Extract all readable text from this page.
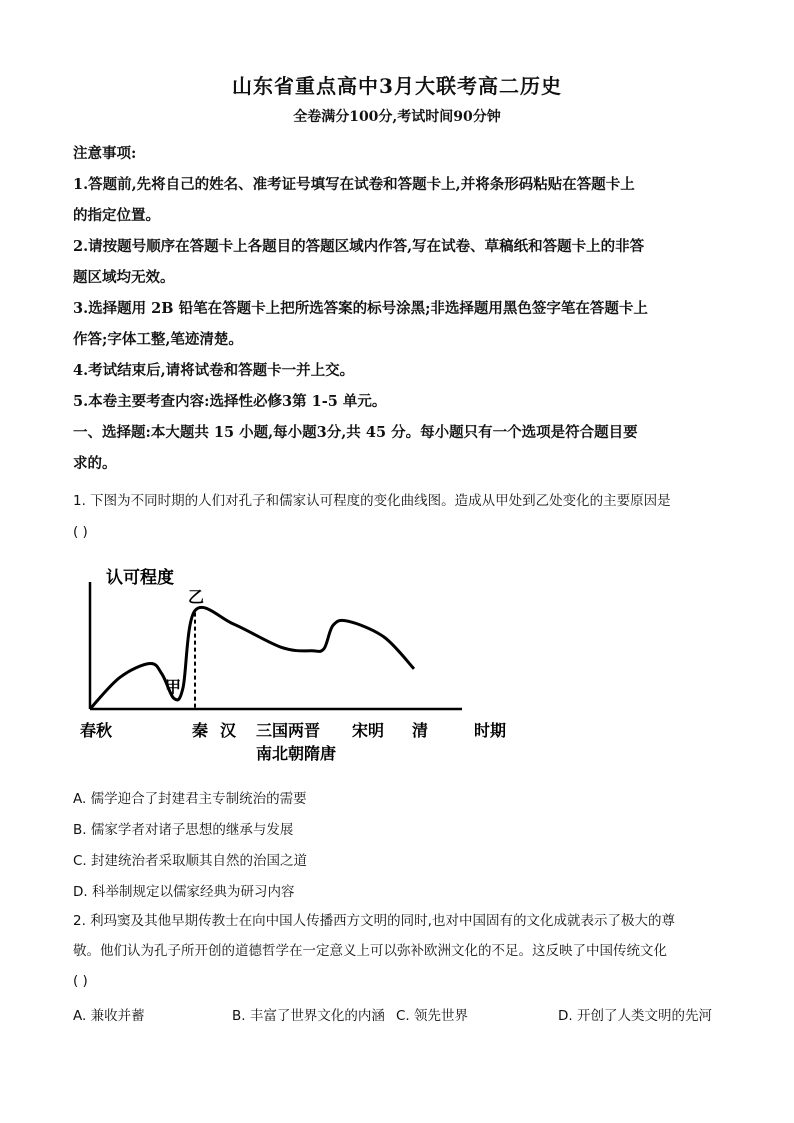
山东省重点高中3月大联考高二历史
全卷满分100分,考试时间90分钟
注意事项:
1.答题前,先将自己的姓名、准考证号填写在试卷和答题卡上,并将条形码粘贴在答题卡上
的指定位置。
2.请按题号顺序在答题卡上各题目的答题区域内作答,写在试卷、草稿纸和答题卡上的非答
题区域均无效。
3.选择题用 2B 铅笔在答题卡上把所选答案的标号涂黑;非选择题用黑色签字笔在答题卡上
作答;字体工整,笔迹清楚。
4.考试结束后,请将试卷和答题卡一并上交。
5.本卷主要考查内容:选择性必修3第 1-5 单元。
一、选择题:本大题共 15 小题,每小题3分,共 45 分。每小题只有一个选项是符合题目要
求的。
1. 下图为不同时期的人们对孔子和儒家认可程度的变化曲线图。造成从甲处到乙处变化的主要原因是
( )
认可程度
甲
乙
春秋	秦 汉 三国两晋
南北朝隋唐
宋明 清	时期
A. 儒学迎合了封建君主专制统治的需要
B. 儒家学者对诸子思想的继承与发展
C. 封建统治者采取顺其自然的治国之道
D. 科举制规定以儒家经典为研习内容
2. 利玛窦及其他早期传教士在向中国人传播西方文明的同时,也对中国固有的文化成就表示了极大的尊
敬。他们认为孔子所开创的道德哲学在一定意义上可以弥补欧洲文化的不足。这反映了中国传统文化
( )
A. 兼收并蓄	B. 丰富了世界文化的内涵 C. 领先世界	D. 开创了人类文明的先河
